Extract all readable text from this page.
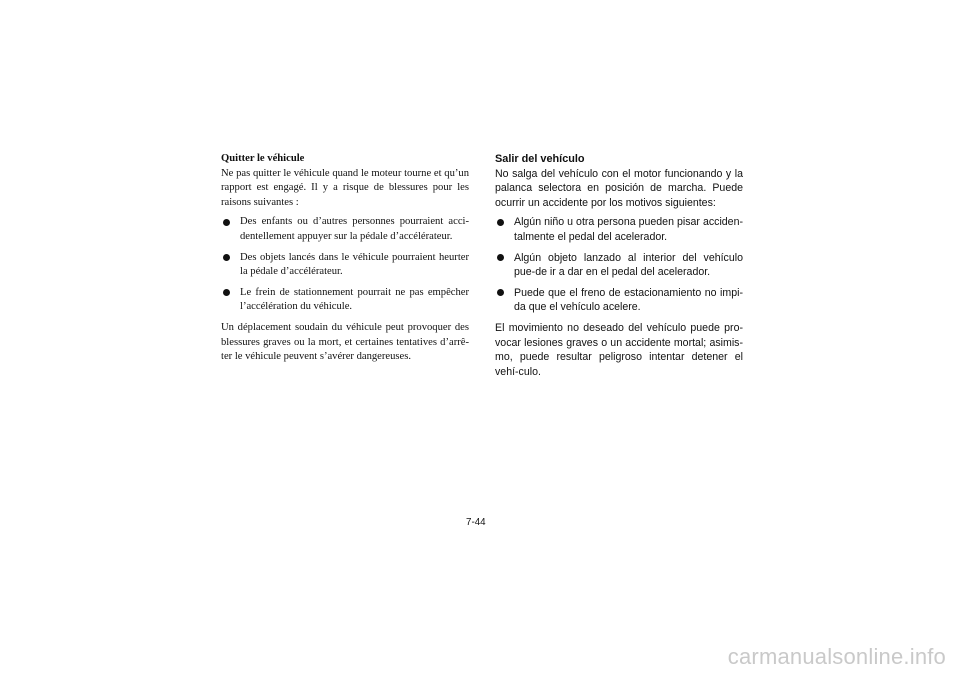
Quitter le véhicule

Ne pas quitter le véhicule quand le moteur tourne et qu’un rapport est engagé. Il y a risque de blessures pour les raisons suivantes :

Des enfants ou d’autres personnes pourraient acci-dentellement appuyer sur la pédale d’accélérateur.
Des objets lancés dans le véhicule pourraient heurter la pédale d’accélérateur.
Le frein de stationnement pourrait ne pas empêcher l’accélération du véhicule.

Un déplacement soudain du véhicule peut provoquer des blessures graves ou la mort, et certaines tentatives d’arrê-ter le véhicule peuvent s’avérer dangereuses.

Salir del vehículo

No salga del vehículo con el motor funcionando y la palanca selectora en posición de marcha. Puede ocurrir un accidente por los motivos siguientes:

Algún niño u otra persona pueden pisar acciden-talmente el pedal del acelerador.
Algún objeto lanzado al interior del vehículo pue-de ir a dar en el pedal del acelerador.
Puede que el freno de estacionamiento no impi-da que el vehículo acelere.

El movimiento no deseado del vehículo puede pro-vocar lesiones graves o un accidente mortal; asimis-mo, puede resultar peligroso intentar detener el vehí-culo.

7-44
carmanualsonline.info
